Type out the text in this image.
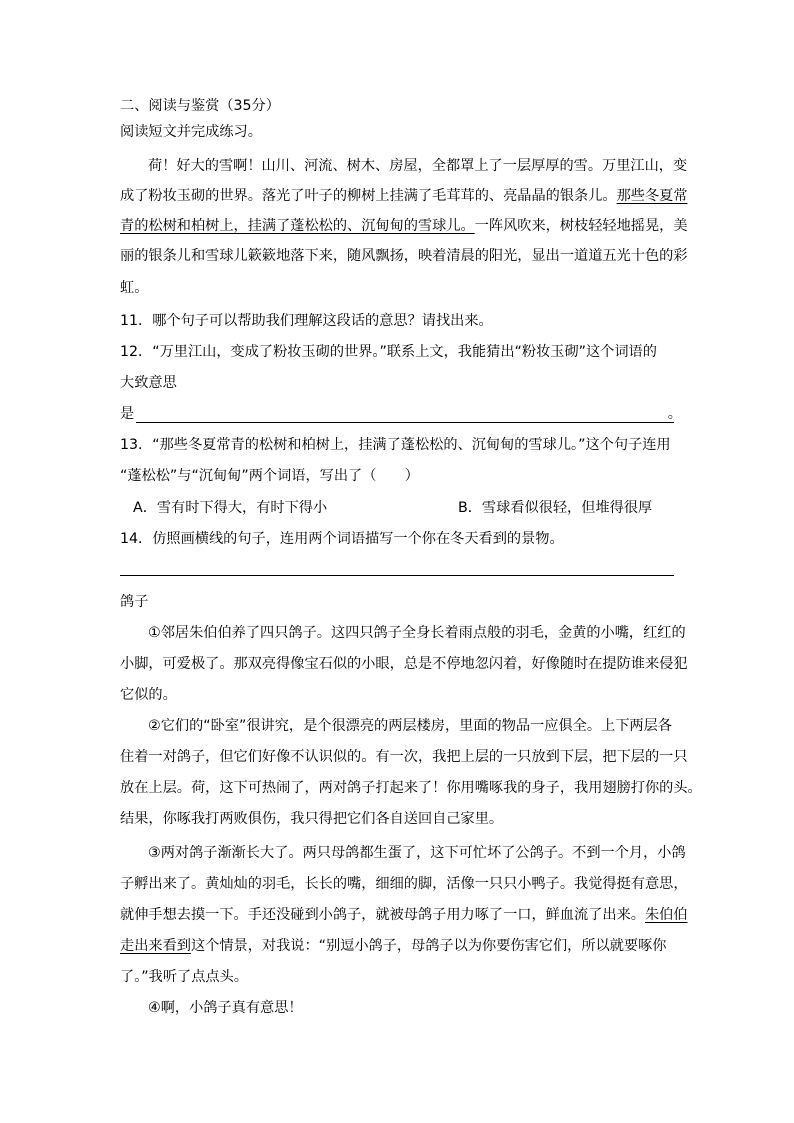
二、阅读与鉴赏（35分）
阅读短文并完成练习。
荷！好大的雪啊！山川、河流、树木、房屋，全都罩上了一层厚厚的雪。万里江山，变
成了粉妆玉砌的世界。落光了叶子的柳树上挂满了毛茸茸的、亮晶晶的银条儿。那些冬夏常
青的松树和柏树上，挂满了蓬松松的、沉甸甸的雪球儿。一阵风吹来，树枝轻轻地摇晃，美
丽的银条儿和雪球儿簌簌地落下来，随风飘扬，映着清晨的阳光，显出一道道五光十色的彩
虹。
11．哪个句子可以帮助我们理解这段话的意思？请找出来。
12．“万里江山，变成了粉妆玉砌的世界。”联系上文，我能猜出“粉妆玉砌”这个词语的
大致意思
是	。
13．“那些冬夏常青的松树和柏树上，挂满了蓬松松的、沉甸甸的雪球儿。”这个句子连用
“蓬松松”与“沉甸甸”两个词语，写出了（　　）
A．雪有时下得大，有时下得小	B．雪球看似很轻，但堆得很厚
14．仿照画横线的句子，连用两个词语描写一个你在冬天看到的景物。
鸽子
①邻居朱伯伯养了四只鸽子。这四只鸽子全身长着雨点般的羽毛，金黄的小嘴，红红的
小脚，可爱极了。那双亮得像宝石似的小眼，总是不停地忽闪着，好像随时在提防谁来侵犯
它似的。
②它们的“卧室”很讲究，是个很漂亮的两层楼房，里面的物品一应俱全。上下两层各
住着一对鸽子，但它们好像不认识似的。有一次，我把上层的一只放到下层，把下层的一只
放在上层。荷，这下可热闹了，两对鸽子打起来了！你用嘴啄我的身子，我用翅膀打你的头。
结果，你啄我打两败俱伤，我只得把它们各自送回自己家里。
③两对鸽子渐渐长大了。两只母鸽都生蛋了，这下可忙坏了公鸽子。不到一个月，小鸽
子孵出来了。黄灿灿的羽毛，长长的嘴，细细的脚，活像一只只小鸭子。我觉得挺有意思，
就伸手想去摸一下。手还没碰到小鸽子，就被母鸽子用力啄了一口，鲜血流了出来。朱伯伯
走出来看到这个情景，对我说：“别逗小鸽子，母鸽子以为你要伤害它们，所以就要啄你
了。”我听了点点头。
④啊，小鸽子真有意思！
